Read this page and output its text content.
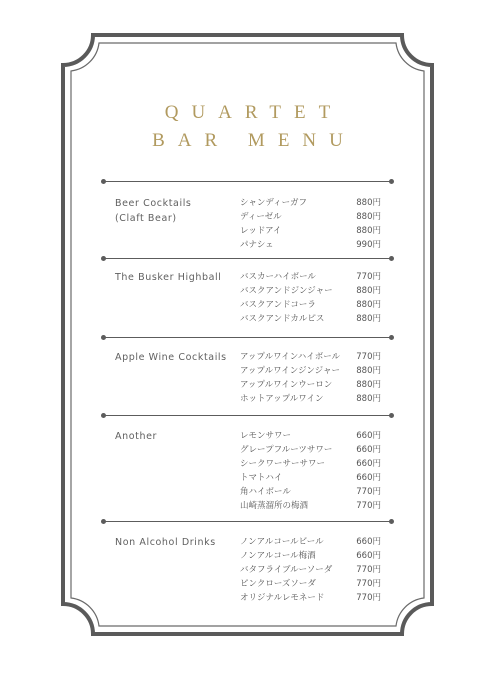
QUARTET
BAR MENU
Beer Cocktails
(Claft Bear)
シャンディーガフ	880円
ディーゼル	880円
レッドアイ	880円
パナシェ	990円
The Busker Highball	バスカーハイボール	770円
バスクアンドジンジャー	880円
バスクアンドコーラ	880円
バスクアンドカルピス	880円
Apple Wine Cocktails	アップルワインハイボール 770円
アップルワインジンジャー 880円
アップルワインウーロン	880円
ホットアップルワイン	880円
Another	レモンサワー	660円
グレープフルーツサワー	660円
シークワーサーサワー	660円
トマトハイ	660円
角ハイボール	770円
山崎蒸溜所の梅酒	770円
Non Alcohol Drinks	ノンアルコールビール	660円
ノンアルコール梅酒	660円
バタフライブルーソーダ	770円
ピンクローズソーダ	770円
オリジナルレモネード	770円
